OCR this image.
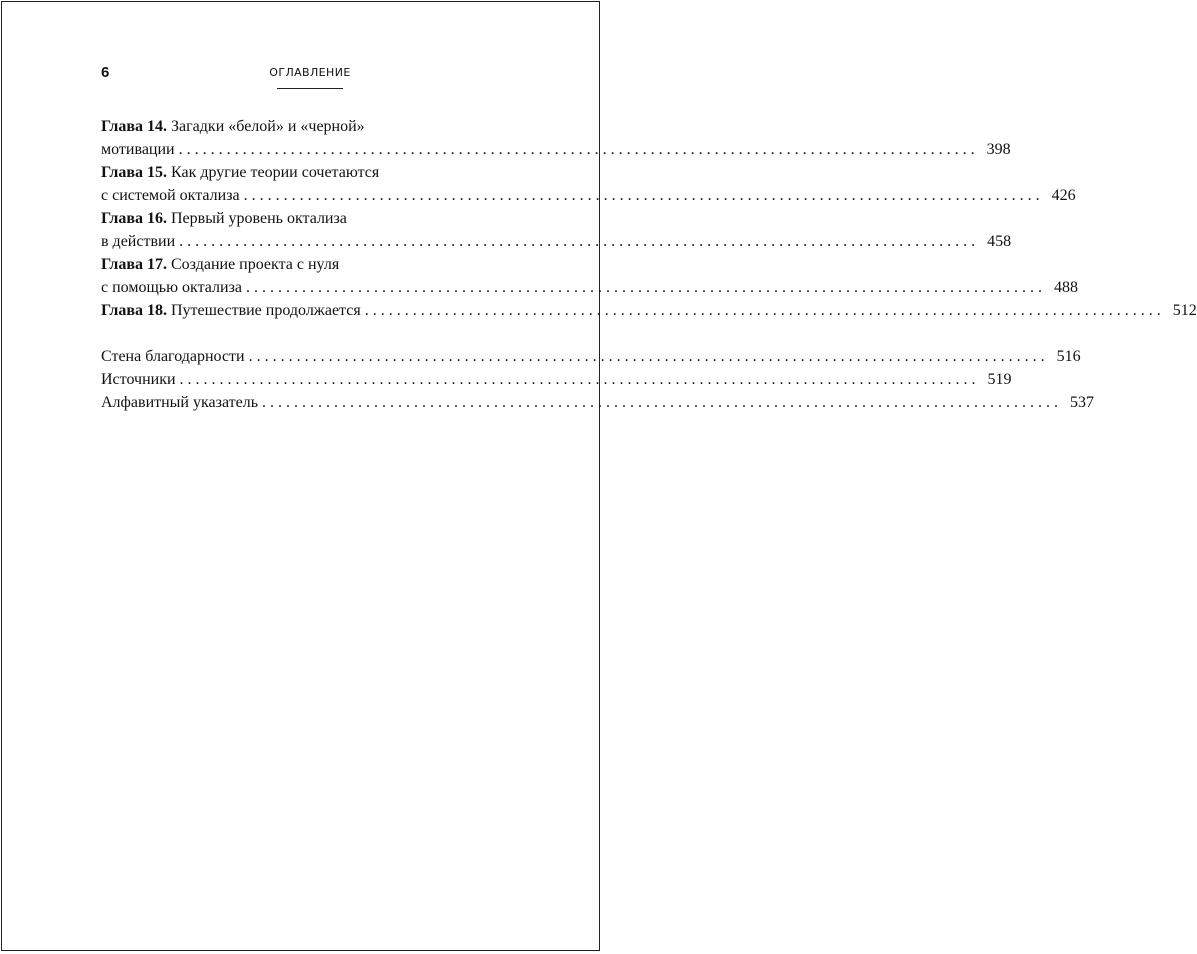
6	ОГЛАВЛЕНИЕ
Глава 14. Загадки «белой» и «черной»
мотивации .................................................................................................... 398
Глава 15. Как другие теории сочетаются
с системой октализа .................................................................................................... 426
Глава 16. Первый уровень октализа
в действии .................................................................................................... 458
Глава 17. Создание проекта с нуля
с помощью октализа .................................................................................................... 488
Глава 18. Путешествие продолжается .................................................................................................... 512
Стена благодарности .................................................................................................... 516
Источники .................................................................................................... 519
Алфавитный указатель .................................................................................................... 537
